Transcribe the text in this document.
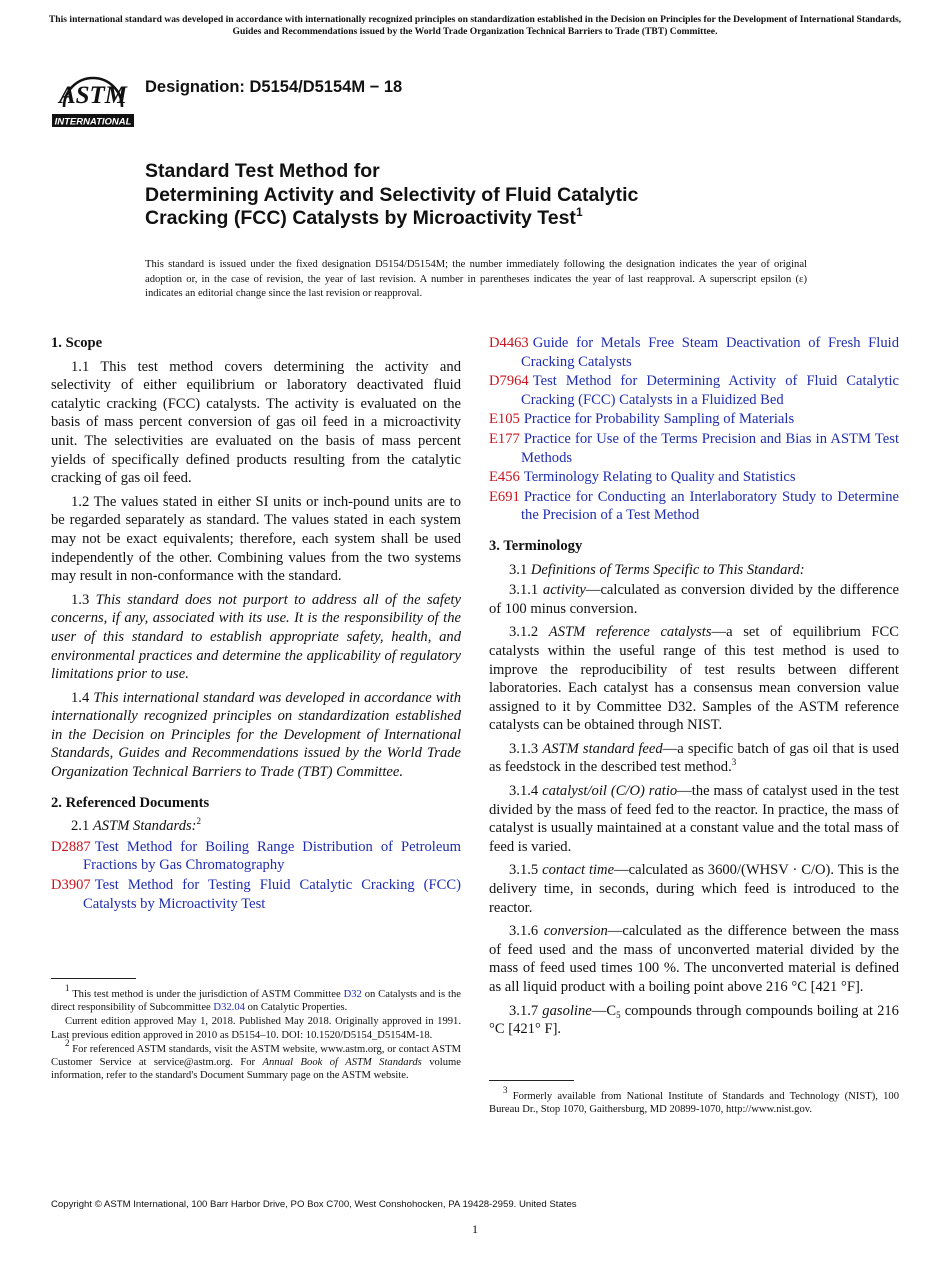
This international standard was developed in accordance with internationally recognized principles on standardization established in the Decision on Principles for the Development of International Standards, Guides and Recommendations issued by the World Trade Organization Technical Barriers to Trade (TBT) Committee.
ASTM
INTERNATIONAL
Designation: D5154/D5154M − 18
Standard Test Method for
Determining Activity and Selectivity of Fluid Catalytic
Cracking (FCC) Catalysts by Microactivity Test$^1$
This standard is issued under the fixed designation D5154/D5154M; the number immediately following the designation indicates the year of original adoption or, in the case of revision, the year of last revision. A number in parentheses indicates the year of last reapproval. A superscript epsilon (ε) indicates an editorial change since the last revision or reapproval.
1. Scope

1.1 This test method covers determining the activity and selectivity of either equilibrium or laboratory deactivated fluid catalytic cracking (FCC) catalysts. The activity is evaluated on the basis of mass percent conversion of gas oil feed in a microactivity unit. The selectivities are evaluated on the basis of mass percent yields of specifically defined products resulting from the catalytic cracking of gas oil feed.

1.2 The values stated in either SI units or inch-pound units are to be regarded separately as standard. The values stated in each system may not be exact equivalents; therefore, each system shall be used independently of the other. Combining values from the two systems may result in non-conformance with the standard.

1.3 This standard does not purport to address all of the safety concerns, if any, associated with its use. It is the responsibility of the user of this standard to establish appropriate safety, health, and environmental practices and determine the applicability of regulatory limitations prior to use.

1.4 This international standard was developed in accordance with internationally recognized principles on standardization established in the Decision on Principles for the Development of International Standards, Guides and Recommendations issued by the World Trade Organization Technical Barriers to Trade (TBT) Committee.

2. Referenced Documents

2.1 ASTM Standards:$^2$

D2887 Test Method for Boiling Range Distribution of Petroleum Fractions by Gas Chromatography
D3907 Test Method for Testing Fluid Catalytic Cracking (FCC) Catalysts by Microactivity Test

$^1$ This test method is under the jurisdiction of ASTM Committee D32 on Catalysts and is the direct responsibility of Subcommittee D32.04 on Catalytic Properties.

Current edition approved May 1, 2018. Published May 2018. Originally approved in 1991. Last previous edition approved in 2010 as D5154–10. DOI: 10.1520/D5154_D5154M-18.

$^2$ For referenced ASTM standards, visit the ASTM website, www.astm.org, or contact ASTM Customer Service at service@astm.org. For Annual Book of ASTM Standards volume information, refer to the standard's Document Summary page on the ASTM website.

D4463 Guide for Metals Free Steam Deactivation of Fresh Fluid Cracking Catalysts
D7964 Test Method for Determining Activity of Fluid Catalytic Cracking (FCC) Catalysts in a Fluidized Bed
E105 Practice for Probability Sampling of Materials
E177 Practice for Use of the Terms Precision and Bias in ASTM Test Methods
E456 Terminology Relating to Quality and Statistics
E691 Practice for Conducting an Interlaboratory Study to Determine the Precision of a Test Method
3. Terminology

3.1 Definitions of Terms Specific to This Standard:

3.1.1 activity—calculated as conversion divided by the difference of 100 minus conversion.

3.1.2 ASTM reference catalysts—a set of equilibrium FCC catalysts within the useful range of this test method is used to improve the reproducibility of test results between different laboratories. Each catalyst has a consensus mean conversion value assigned to it by Committee D32. Samples of the ASTM reference catalysts can be obtained through NIST.

3.1.3 ASTM standard feed—a specific batch of gas oil that is used as feedstock in the described test method.$^3$

3.1.4 catalyst/oil (C/O) ratio—the mass of catalyst used in the test divided by the mass of feed fed to the reactor. In practice, the mass of catalyst is usually maintained at a constant value and the total mass of feed is varied.

3.1.5 contact time—calculated as 3600/(WHSV · C/O). This is the delivery time, in seconds, during which feed is introduced to the reactor.

3.1.6 conversion—calculated as the difference between the mass of feed used and the mass of unconverted material divided by the mass of feed used times 100 %. The unconverted material is defined as all liquid product with a boiling point above 216 °C [421 °F].

3.1.7 $gasoline—C_5$ compounds through compounds boiling at 216 °C [421° F].

$^3$ Formerly available from National Institute of Standards and Technology (NIST), 100 Bureau Dr., Stop 1070, Gaithersburg, MD 20899-1070, http://www.nist.gov.

Copyright © ASTM International, 100 Barr Harbor Drive, PO Box C700, West Conshohocken, PA 19428-2959. United States
1
